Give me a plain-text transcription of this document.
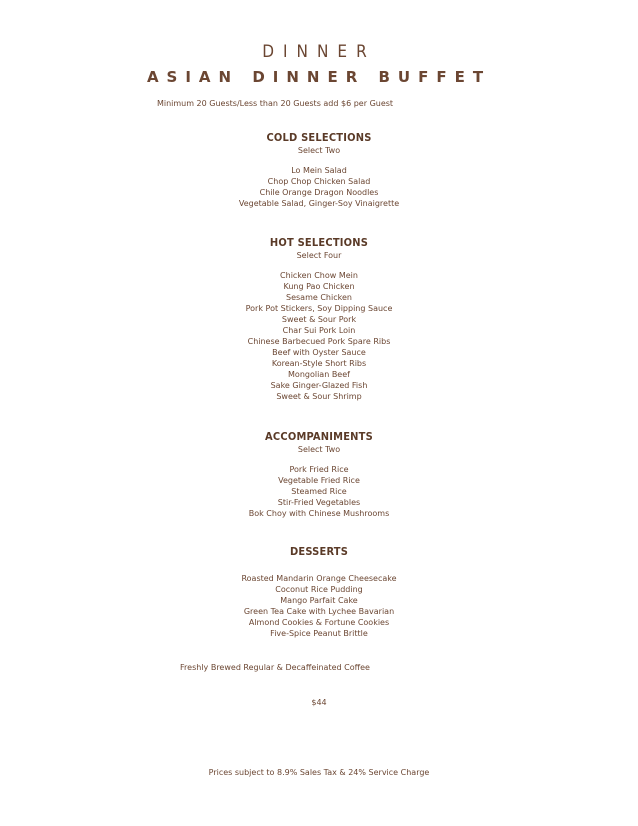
DINNER
ASIAN DINNER BUFFET
Minimum 20 Guests/Less than 20 Guests add $6 per Guest
COLD SELECTIONS

Select Two

Lo Mein Salad
Chop Chop Chicken Salad
Chile Orange Dragon Noodles
Vegetable Salad, Ginger-Soy Vinaigrette
HOT SELECTIONS

Select Four

Chicken Chow Mein
Kung Pao Chicken
Sesame Chicken
Pork Pot Stickers, Soy Dipping Sauce
Sweet & Sour Pork
Char Sui Pork Loin
Chinese Barbecued Pork Spare Ribs
Beef with Oyster Sauce
Korean-Style Short Ribs
Mongolian Beef
Sake Ginger-Glazed Fish
Sweet & Sour Shrimp
ACCOMPANIMENTS

Select Two

Pork Fried Rice
Vegetable Fried Rice
Steamed Rice
Stir-Fried Vegetables
Bok Choy with Chinese Mushrooms
DESSERTS
Roasted Mandarin Orange Cheesecake
Coconut Rice Pudding
Mango Parfait Cake
Green Tea Cake with Lychee Bavarian
Almond Cookies & Fortune Cookies
Five-Spice Peanut Brittle
Freshly Brewed Regular & Decaffeinated Coffee
$44
Prices subject to 8.9% Sales Tax & 24% Service Charge
